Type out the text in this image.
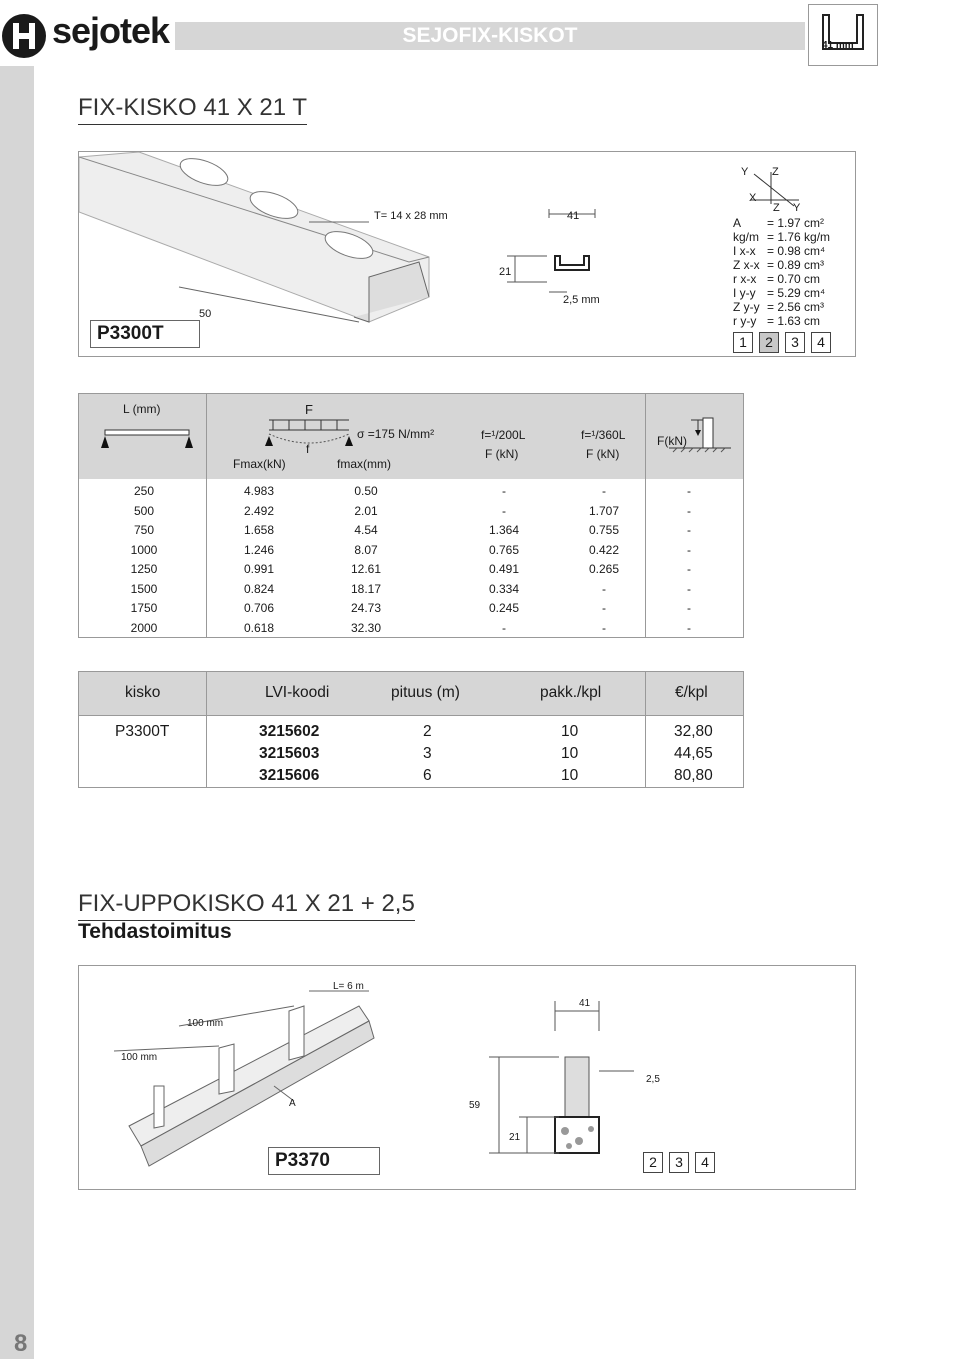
sejotek	SEJOFIX-KISKOT	41 mm
FIX-KISKO 41 X 21 T
T= 14 x 28 mm
50
41
21
2,5 mm
Y Z
X
Z Y
A = 1.97 cm²
kg/m = 1.76 kg/m
I x-x = 0.98 cm⁴
Z x-x = 0.89 cm³
r x-x = 0.70 cm
I y-y = 5.29 cm⁴
Z y-y = 2.56 cm³
r y-y = 1.63 cm
1	2	3	4
P3300T
L (mm)	F
f
σ =175 N/mm²
Fmax(kN)	fmax(mm)
f=¹/200L
F (kN)
f=¹/360L
F (kN)
F(kN)
250	4.983	0.50	-	-	-
500	2.492	2.01	-	1.707	-
750	1.658	4.54	1.364	0.755	-
1000	1.246	8.07	0.765	0.422	-
1250	0.991	12.61	0.491	0.265	-
1500	0.824	18.17	0.334	-	-
1750	0.706	24.73	0.245	-	-
2000	0.618	32.30	-	-	-
kisko	LVI-koodi	pituus (m)	pakk./kpl	€/kpl
P3300T	3215602	2	10	32,80
3215603	3	10	44,65
3215606	6	10	80,80
FIX-UPPOKISKO 41 X 21 + 2,5
Tehdastoimitus
L= 6 m
100 mm
100 mm
A
41
2,5
59
21
2	3	4
P3370
8
